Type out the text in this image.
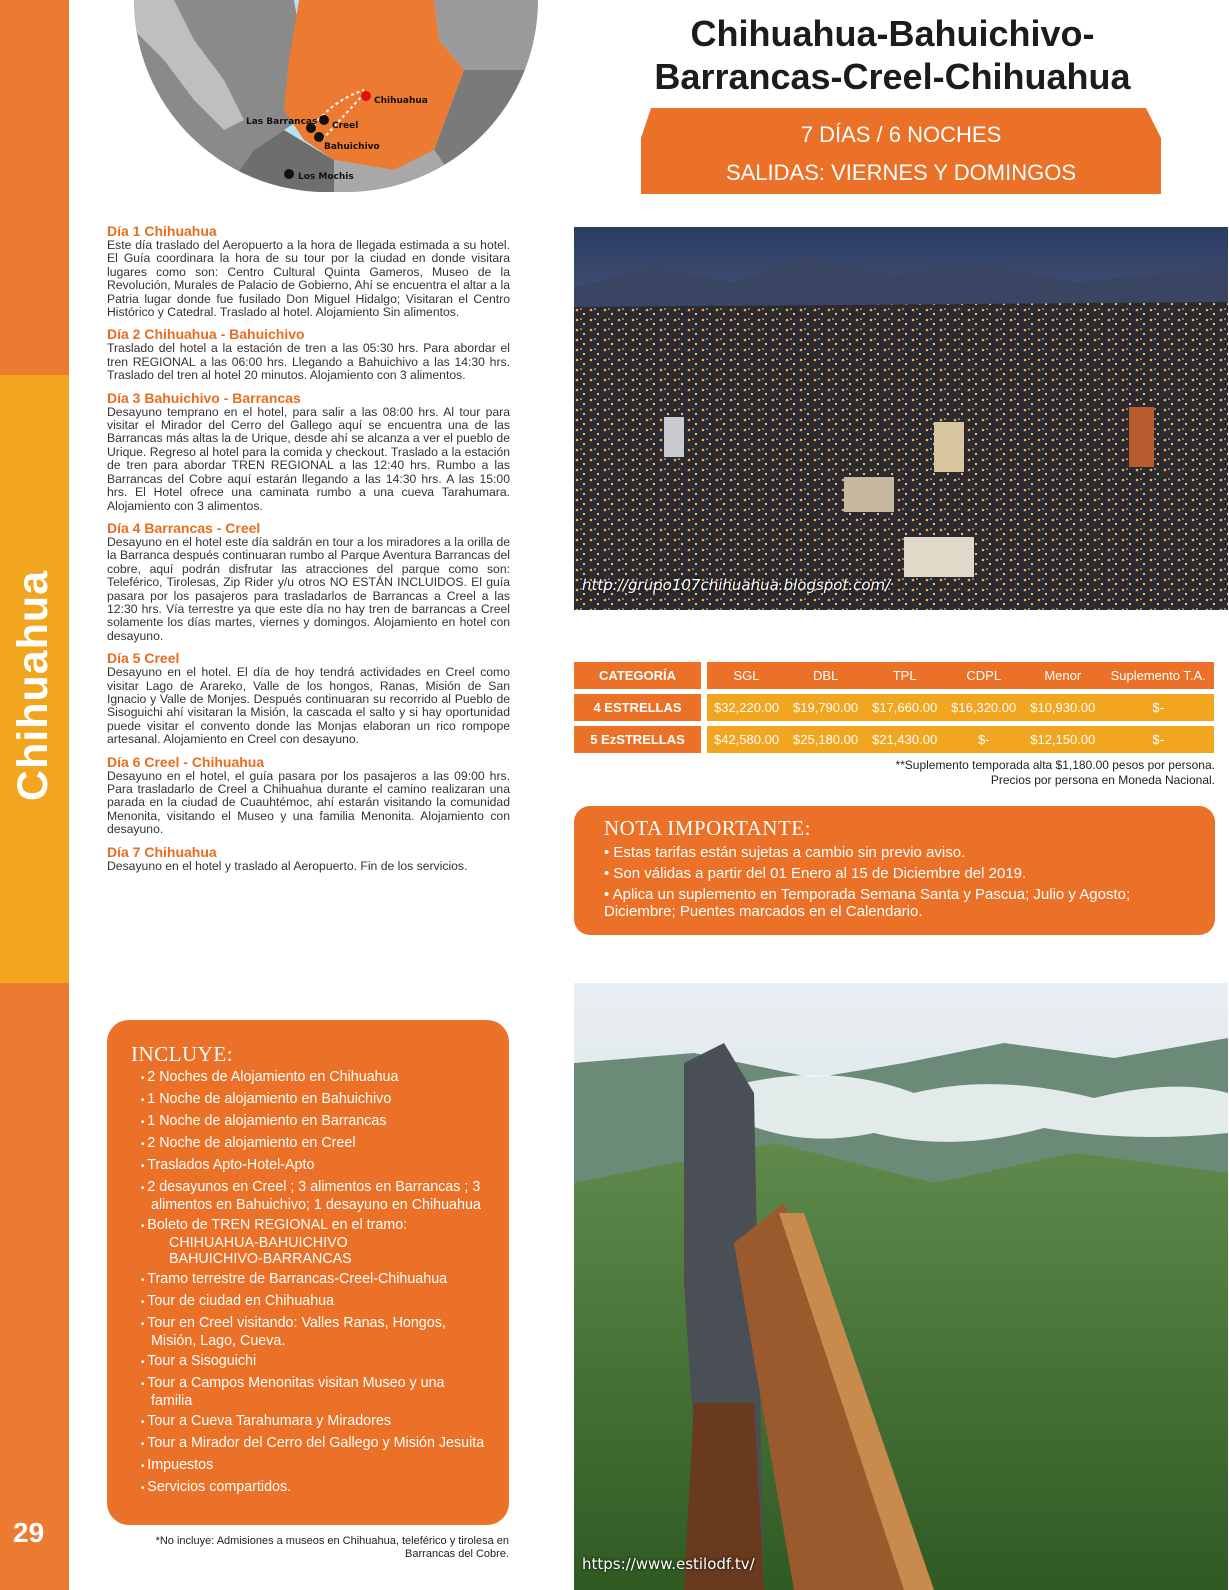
Chihuahua
29
Chihuahua
Las Barrancas Creel
Bahuichivo
Los Mochis
Chihuahua-Bahuichivo-
Barrancas-Creel-Chihuahua
7 DÍAS / 6 NOCHES
SALIDAS: VIERNES Y DOMINGOS
http://grupo107chihuahua.blogspot.com/
Día 1 Chihuahua
Este día traslado del Aeropuerto a la hora de llegada estimada a su hotel. El Guía coordinara la hora de su tour por la ciudad en donde visitara lugares como son: Centro Cultural Quinta Gameros, Museo de la Revolución, Murales de Palacio de Gobierno, Ahí se encuentra el altar a la Patria lugar donde fue fusilado Don Miguel Hidalgo; Visitaran el Centro Histórico y Catedral. Traslado al hotel. Alojamiento Sin alimentos.
Día 2 Chihuahua - Bahuichivo
Traslado del hotel a la estación de tren a las 05:30 hrs. Para abordar el tren REGIONAL a las 06:00 hrs. Llegando a Bahuichivo a las 14:30 hrs. Traslado del tren al hotel 20 minutos. Alojamiento con 3 alimentos.
Día 3 Bahuichivo - Barrancas
Desayuno temprano en el hotel, para salir a las 08:00 hrs. Al tour para visitar el Mirador del Cerro del Gallego aquí se encuentra una de las Barrancas más altas la de Urique, desde ahí se alcanza a ver el pueblo de Urique. Regreso al hotel para la comida y checkout. Traslado a la estación de tren para abordar TREN REGIONAL a las 12:40 hrs. Rumbo a las Barrancas del Cobre aquí estarán llegando a las 14:30 hrs. A las 15:00 hrs. El Hotel ofrece una caminata rumbo a una cueva Tarahumara. Alojamiento con 3 alimentos.
Día 4 Barrancas - Creel
Desayuno en el hotel este día saldrán en tour a los miradores a la orilla de la Barranca después continuaran rumbo al Parque Aventura Barrancas del cobre, aquí podrán disfrutar las atracciones del parque como son: Teleférico, Tirolesas, Zip Rider y/u otros NO ESTÁN INCLUIDOS. El guía pasara por los pasajeros para trasladarlos de Barrancas a Creel a las 12:30 hrs. Vía terrestre ya que este día no hay tren de barrancas a Creel solamente los días martes, viernes y domingos. Alojamiento en hotel con desayuno.
Día 5 Creel
Desayuno en el hotel. El día de hoy tendrá actividades en Creel como visitar Lago de Arareko, Valle de los hongos, Ranas, Misión de San Ignacio y Valle de Monjes. Después continuaran su recorrido al Pueblo de Sisoguichi ahí visitaran la Misión, la cascada el salto y si hay oportunidad puede visitar el convento donde las Monjas elaboran un rico rompope artesanal. Alojamiento en Creel con desayuno.
Día 6 Creel - Chihuahua
Desayuno en el hotel, el guía pasara por los pasajeros a las 09:00 hrs. Para trasladarlo de Creel a Chihuahua durante el camino realizaran una parada en la ciudad de Cuauhtémoc, ahí estarán visitando la comunidad Menonita, visitando el Museo y una familia Menonita. Alojamiento con desayuno.
Día 7 Chihuahua
Desayuno en el hotel y traslado al Aeropuerto. Fin de los servicios.
INCLUYE:
• 2 Noches de Alojamiento en Chihuahua
• 1 Noche de alojamiento en Bahuichivo
• 1 Noche de alojamiento en Barrancas
• 2 Noche de alojamiento en Creel
• Traslados Apto-Hotel-Apto
• 2 desayunos en Creel ; 3 alimentos en Barrancas ; 3 alimentos en Bahuichivo; 1 desayuno en Chihuahua
• Boleto de TREN REGIONAL en el tramo:
CHIHUAHUA-BAHUICHIVO
BAHUICHIVO-BARRANCAS
• Tramo terrestre de Barrancas-Creel-Chihuahua
• Tour de ciudad en Chihuahua
• Tour en Creel visitando: Valles Ranas, Hongos, Misión, Lago, Cueva.
• Tour a Sisoguichi
• Tour a Campos Menonitas visitan Museo y una familia
• Tour a Cueva Tarahumara y Miradores
• Tour a Mirador del Cerro del Gallego y Misión Jesuita
• Impuestos
• Servicios compartidos.
*No incluye: Admisiones a museos en Chihuahua, teleférico y tirolesa en Barrancas del Cobre.
CATEGORÍA		SGL	DBL	TPL	CDPL	Menor	Suplemento T.A.
4 ESTRELLAS		$32,220.00	$19,790.00	$17,660.00	$16,320.00	$10,930.00	$-
5 EzSTRELLAS		$42,580.00	$25,180.00	$21,430.00	$-	$12,150.00	$-
**Suplemento temporada alta $1,180.00 pesos por persona.
Precios por persona en Moneda Nacional.
NOTA IMPORTANTE:

• Estas tarifas están sujetas a cambio sin previo aviso.

• Son válidas a partir del 01 Enero al 15 de Diciembre del 2019.

• Aplica un suplemento en Temporada Semana Santa y Pascua; Julio y Agosto; Diciembre; Puentes marcados en el Calendario.

https://www.estilodf.tv/
